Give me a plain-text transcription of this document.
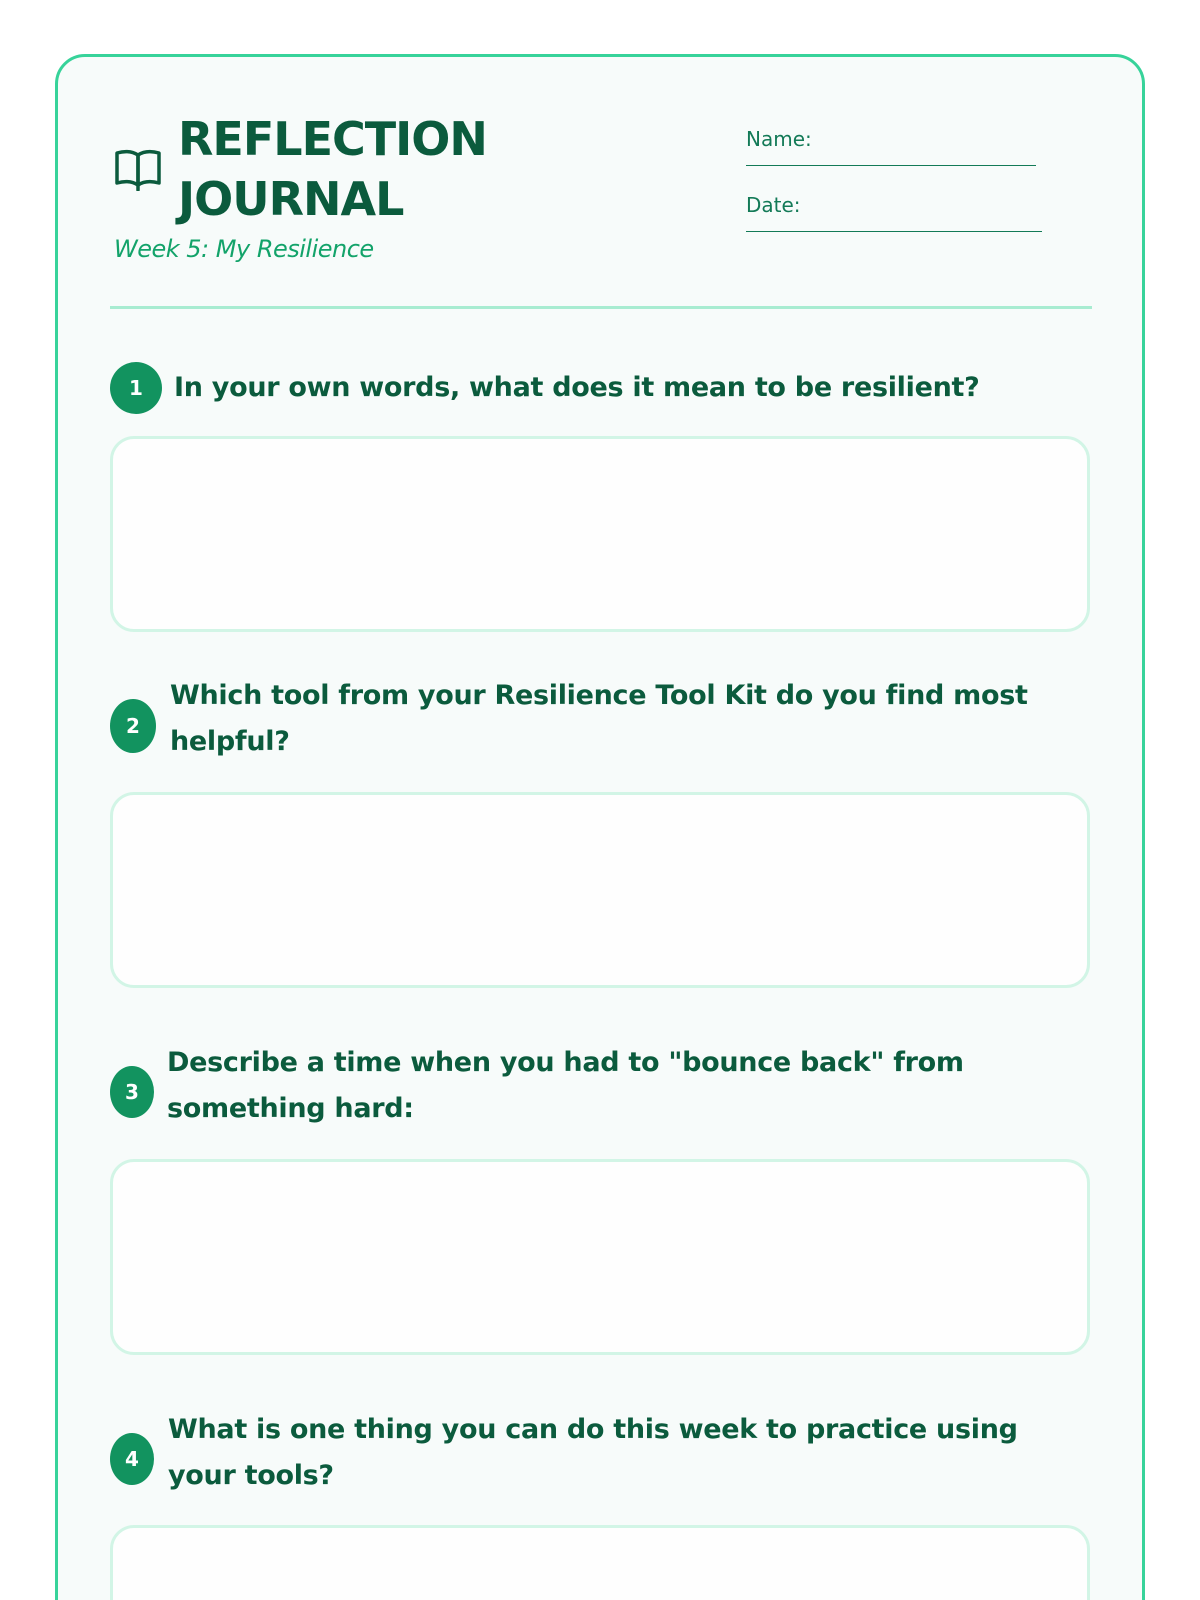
REFLECTION
JOURNAL
Week 5: My Resilience
Name:
Date:
1	In your own words, what does it mean to be resilient?

2

Which tool from your Resilience Tool Kit do you find most helpful?

3

Describe a time when you had to "bounce back" from something hard:

4

What is one thing you can do this week to practice using your tools?
